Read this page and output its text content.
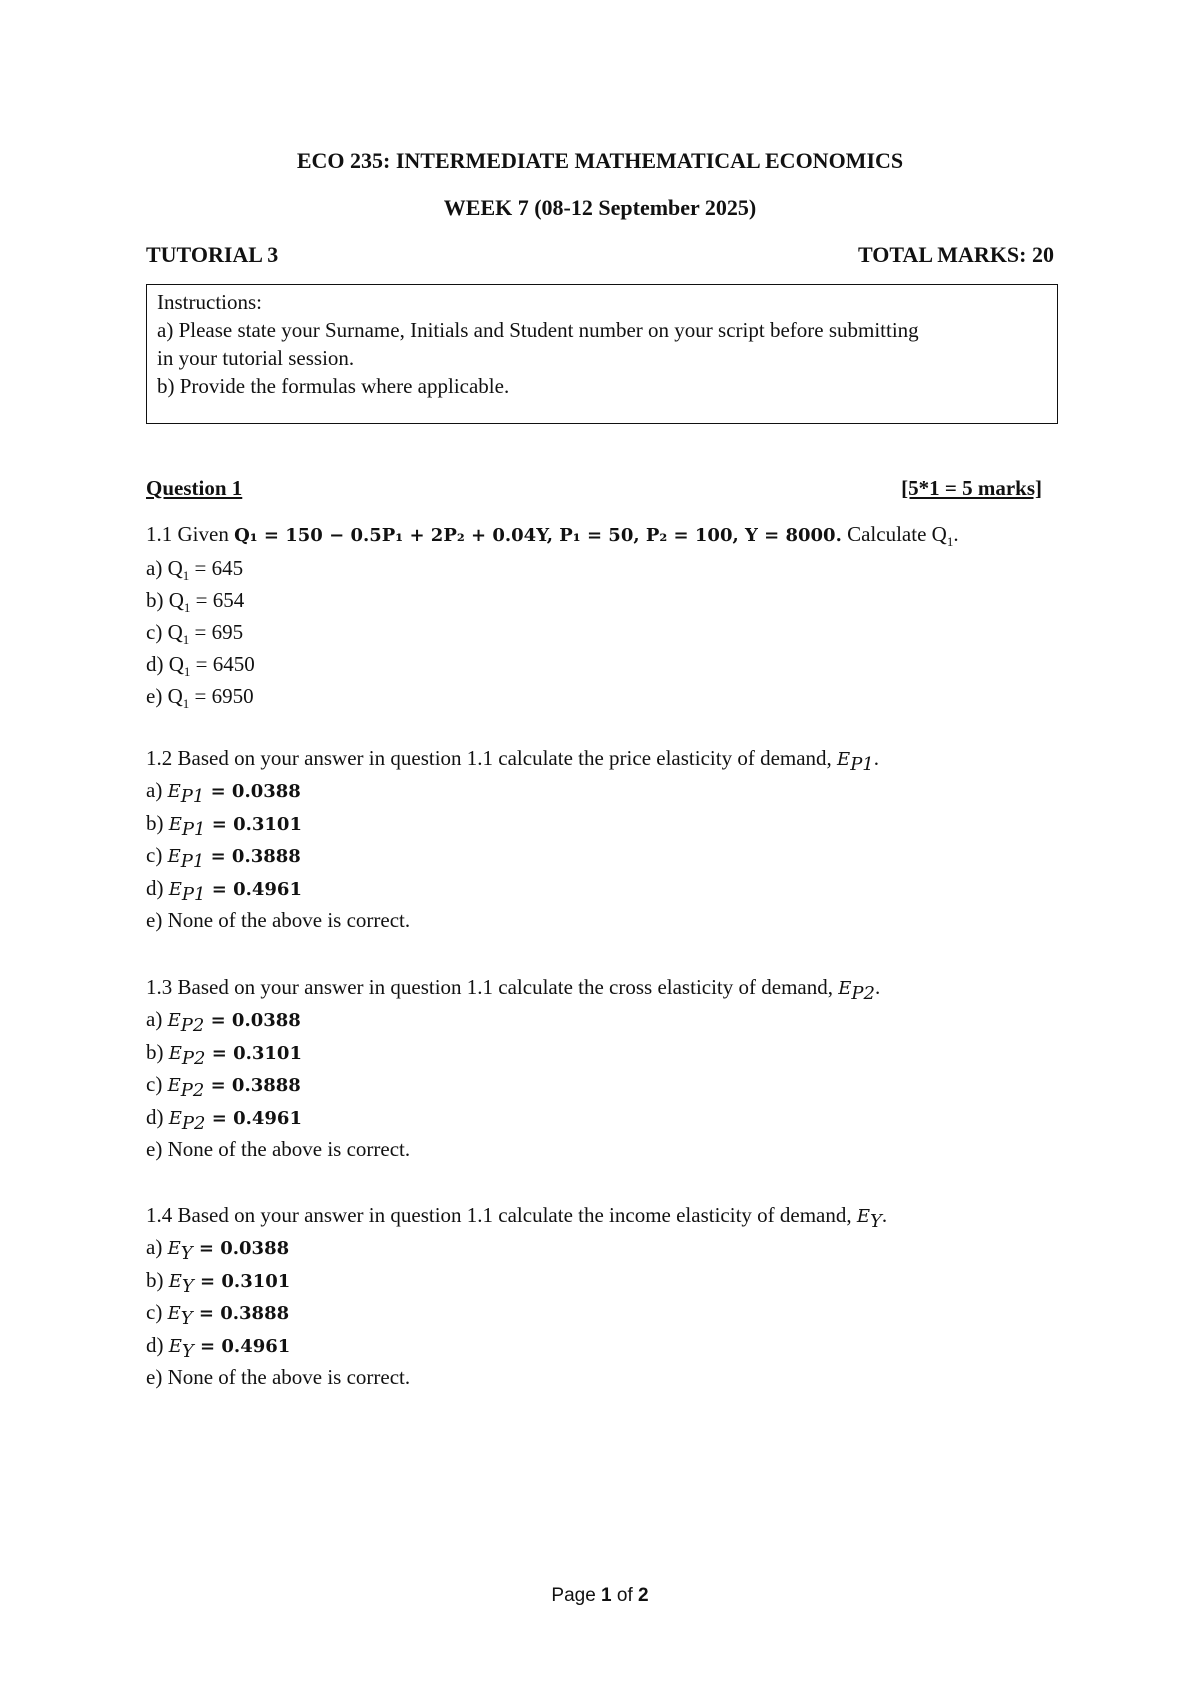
ECO 235: INTERMEDIATE MATHEMATICAL ECONOMICS
WEEK 7 (08-12 September 2025)
TUTORIAL 3	TOTAL MARKS: 20
Instructions:
a) Please state your Surname, Initials and Student number on your script before submitting
in your tutorial session.
b) Provide the formulas where applicable.
Question 1	[5*1 = 5 marks]
1.1 Given Q₁ = 150 − 0.5P₁ + 2P₂ + 0.04Y, P₁ = 50, P₂ = 100, Y = 8000. Calculate $Q_1$.
a) $Q_1 = 645$
b) $Q_1 = 654$
c) $Q_1 = 695$
d) $Q_1 = 6450$
e) $Q_1 = 6950$
1.2 Based on your answer in question 1.1 calculate the price elasticity of demand, $E_{P1}$.
a) $E_{P1} = 0.0388$
b) $E_{P1} = 0.3101$
c) $E_{P1} = 0.3888$
d) $E_{P1} = 0.4961$
e) None of the above is correct.
1.3 Based on your answer in question 1.1 calculate the cross elasticity of demand, $E_{P2}$.
a) $E_{P2} = 0.0388$
b) $E_{P2} = 0.3101$
c) $E_{P2} = 0.3888$
d) $E_{P2} = 0.4961$
e) None of the above is correct.
1.4 Based on your answer in question 1.1 calculate the income elasticity of demand, $E_Y$.
a) $E_Y = 0.0388$
b) $E_Y = 0.3101$
c) $E_Y = 0.3888$
d) $E_Y = 0.4961$
e) None of the above is correct.
Page 1 of 2
